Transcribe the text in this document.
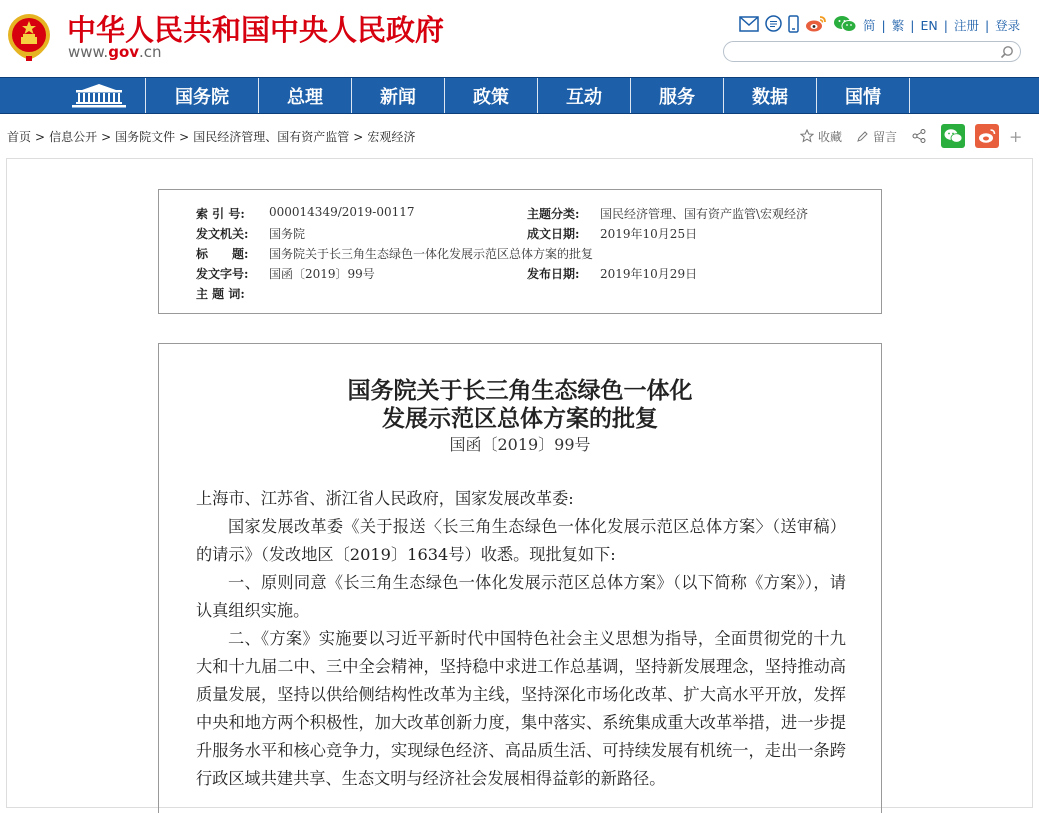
中华人民共和国中央人民政府
www.gov.cn
简 | 繁 | EN | 注册 | 登录
国务院	总理	新闻	政策	互动	服务	数据	国情
首页 > 信息公开 > 国务院文件 > 国民经济管理、国有资产监管 > 宏观经济	收藏	留言	+
索 引 号: 000014349/2019-00117	主题分类: 国民经济管理、国有资产监管\宏观经济
发文机关: 国务院	成文日期: 2019年10月25日
标　　题: 国务院关于长三角生态绿色一体化发展示范区总体方案的批复
发文字号: 国函〔2019〕99号	发布日期: 2019年10月29日
主 题 词:
国务院关于长三角生态绿色一体化
发展示范区总体方案的批复
国函〔2019〕99号
上海市、江苏省、浙江省人民政府，国家发展改革委:
国家发展改革委《关于报送〈长三角生态绿色一体化发展示范区总体方案〉（送审稿）的请示》（发改地区〔2019〕1634号）收悉。现批复如下:
一、原则同意《长三角生态绿色一体化发展示范区总体方案》（以下简称《方案》），请认真组织实施。
二、《方案》实施要以习近平新时代中国特色社会主义思想为指导，全面贯彻党的十九大和十九届二中、三中全会精神，坚持稳中求进工作总基调，坚持新发展理念，坚持推动高质量发展，坚持以供给侧结构性改革为主线，坚持深化市场化改革、扩大高水平开放，发挥中央和地方两个积极性，加大改革创新力度，集中落实、系统集成重大改革举措，进一步提升服务水平和核心竞争力，实现绿色经济、高品质生活、可持续发展有机统一，走出一条跨行政区域共建共享、生态文明与经济社会发展相得益彰的新路径。
